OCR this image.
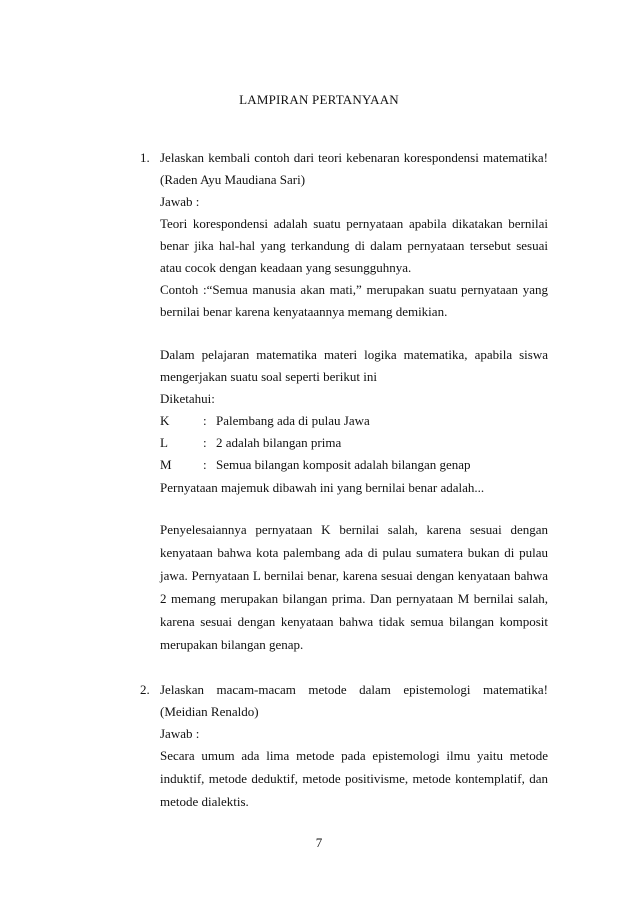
LAMPIRAN PERTANYAAN
1. Jelaskan kembali contoh dari teori kebenaran korespondensi matematika!
(Raden Ayu Maudiana Sari)
Jawab :
Teori korespondensi adalah suatu pernyataan apabila dikatakan bernilai
benar jika hal-hal yang terkandung di dalam pernyataan tersebut sesuai
atau cocok dengan keadaan yang sesungguhnya.
Contoh :“Semua manusia akan mati,” merupakan suatu pernyataan yang
bernilai benar karena kenyataannya memang demikian.
Dalam pelajaran matematika materi logika matematika, apabila siswa
mengerjakan suatu soal seperti berikut ini
Diketahui:
K	: Palembang ada di pulau Jawa
L	: 2 adalah bilangan prima
M : Semua bilangan komposit adalah bilangan genap
Pernyataan majemuk dibawah ini yang bernilai benar adalah...
Penyelesaiannya pernyataan K bernilai salah, karena sesuai dengan
kenyataan bahwa kota palembang ada di pulau sumatera bukan di pulau
jawa. Pernyataan L bernilai benar, karena sesuai dengan kenyataan bahwa
2 memang merupakan bilangan prima. Dan pernyataan M bernilai salah,
karena sesuai dengan kenyataan bahwa tidak semua bilangan komposit
merupakan bilangan genap.
2. Jelaskan macam-macam metode dalam epistemologi matematika!
(Meidian Renaldo)
Jawab :
Secara umum ada lima metode pada epistemologi ilmu yaitu metode
induktif, metode deduktif, metode positivisme, metode kontemplatif, dan
metode dialektis.
7
